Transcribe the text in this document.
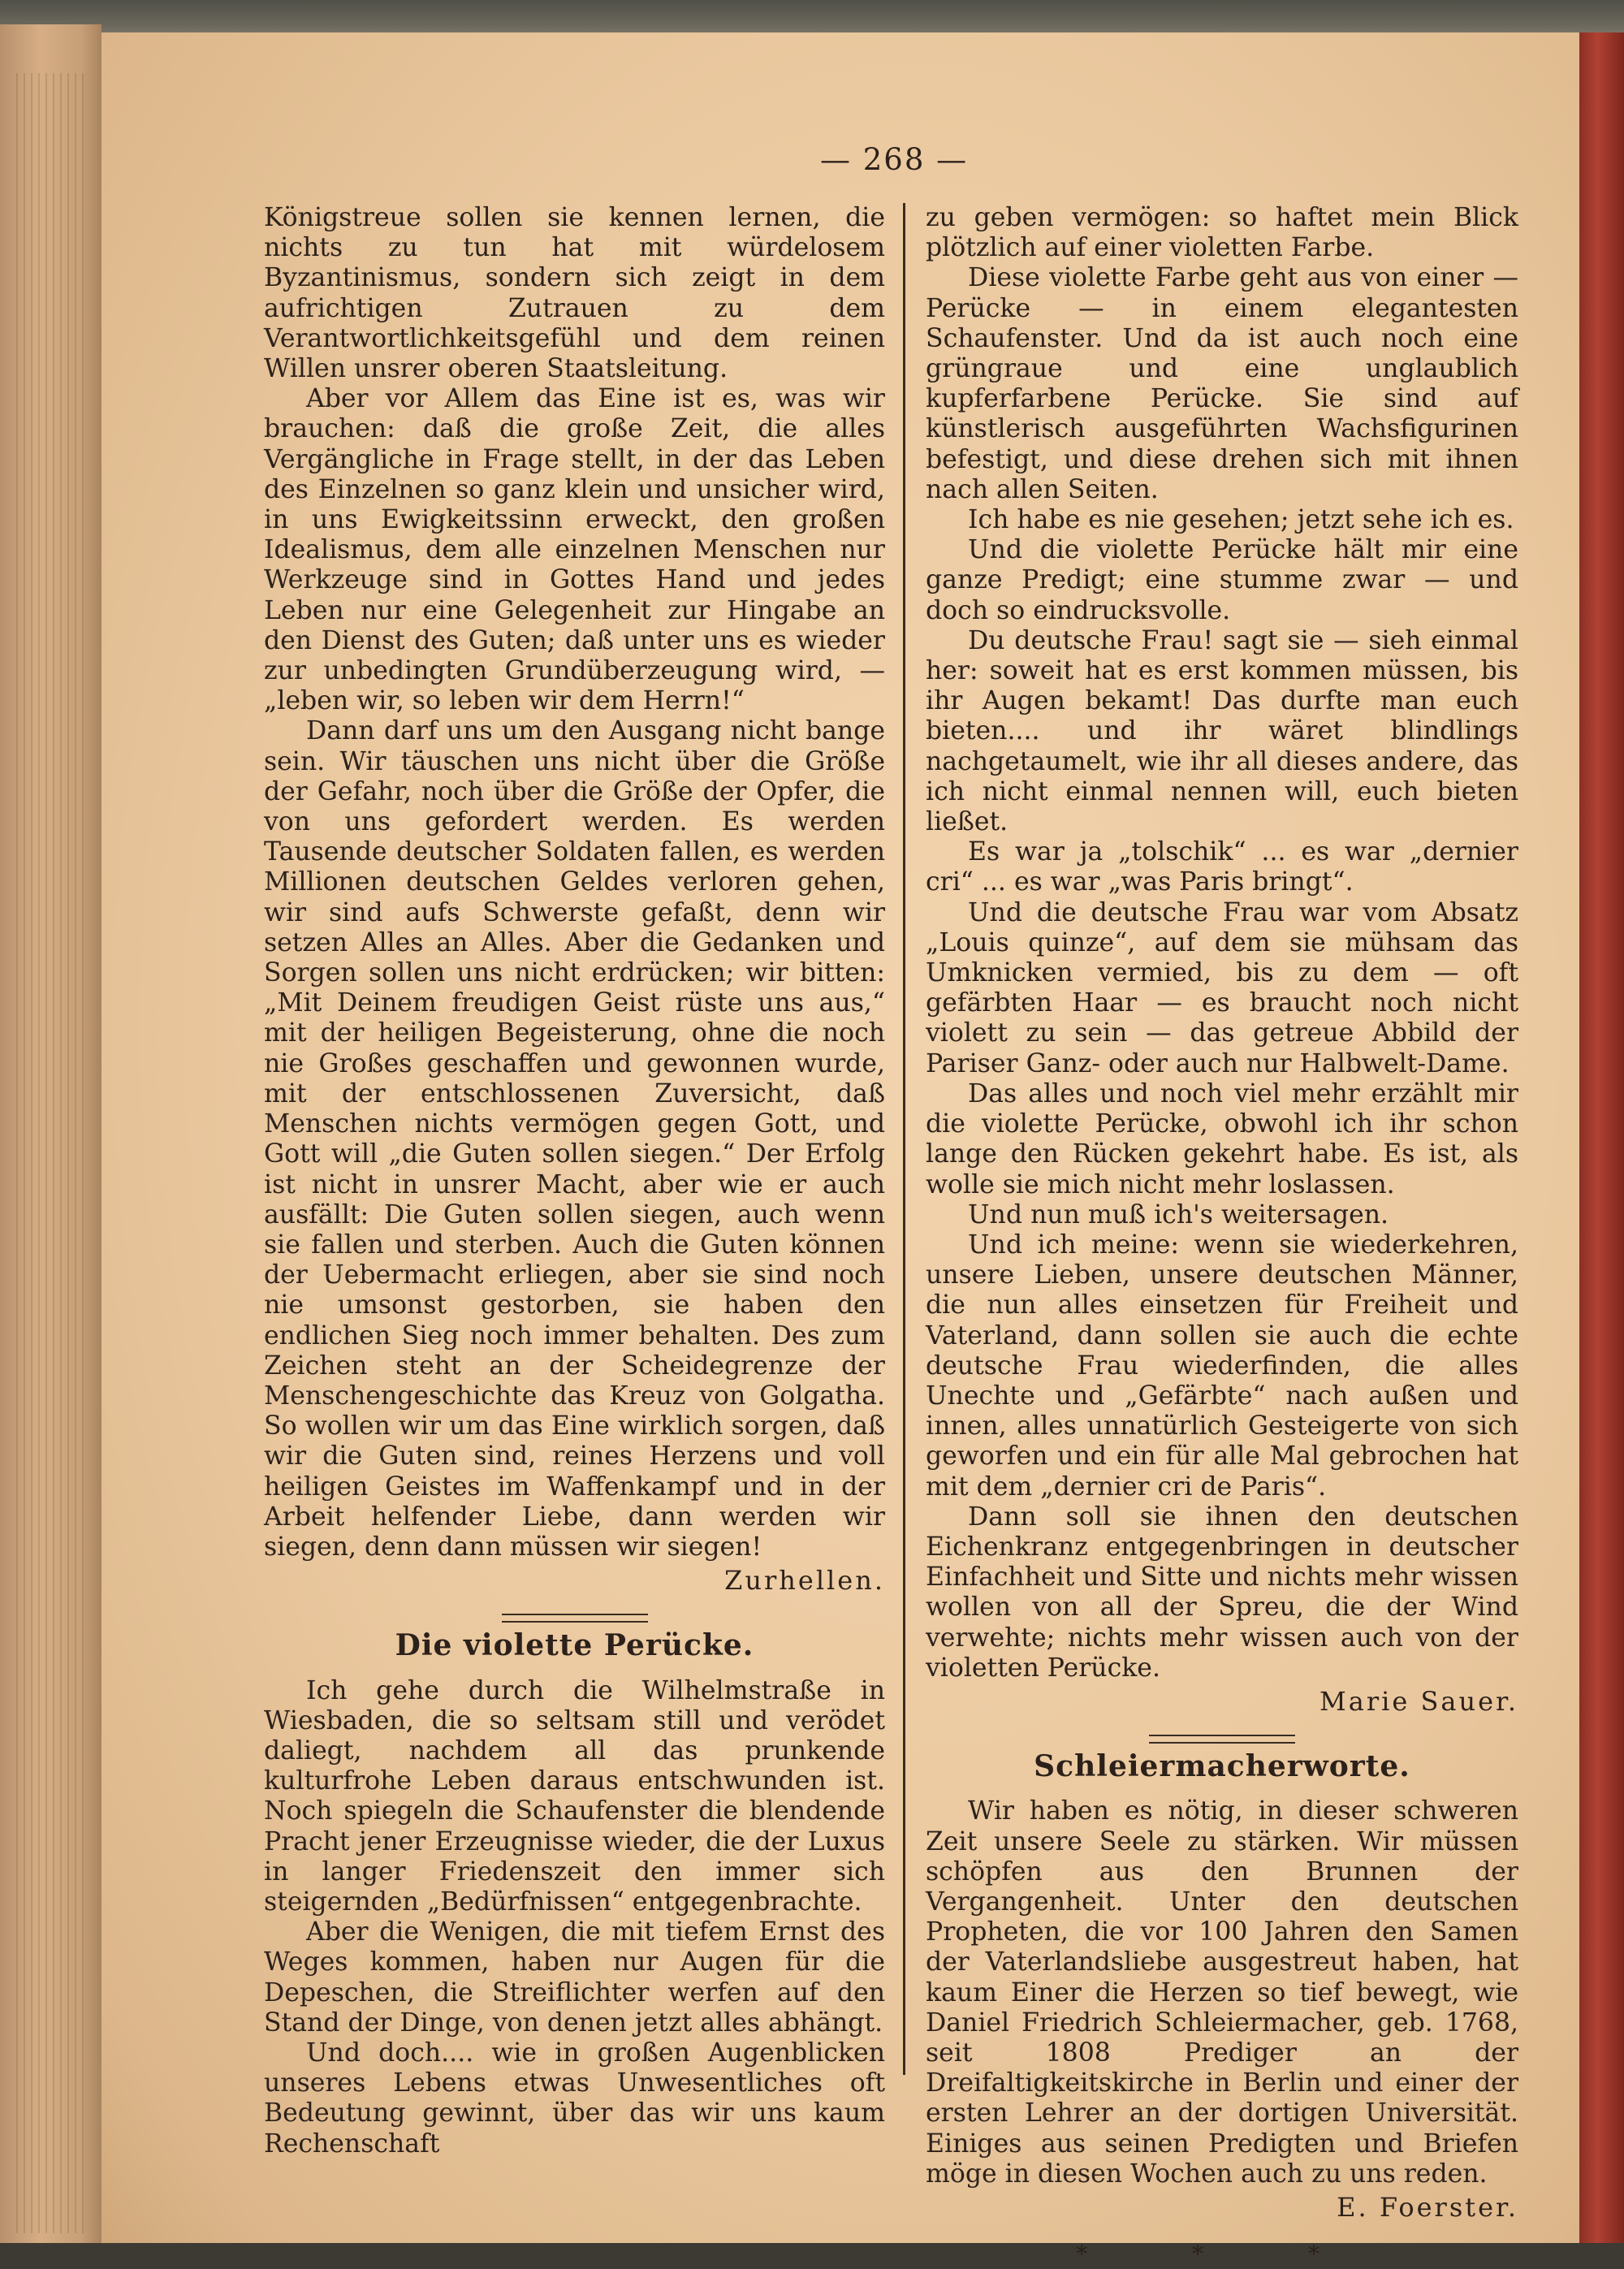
— 268 —

Königstreue sollen sie kennen lernen, die nichts zu tun hat mit würdelosem Byzantinismus, sondern sich zeigt in dem aufrichtigen Zutrauen zu dem Verantwortlichkeitsgefühl und dem reinen Willen unsrer oberen Staatsleitung.

Aber vor Allem das Eine ist es, was wir brauchen: daß die große Zeit, die alles Vergängliche in Frage stellt, in der das Leben des Einzelnen so ganz klein und unsicher wird, in uns Ewigkeitssinn erweckt, den großen Idealismus, dem alle einzelnen Menschen nur Werkzeuge sind in Gottes Hand und jedes Leben nur eine Gelegenheit zur Hingabe an den Dienst des Guten; daß unter uns es wieder zur unbedingten Grundüberzeugung wird, — „leben wir, so leben wir dem Herrn!“

Dann darf uns um den Ausgang nicht bange sein. Wir täuschen uns nicht über die Größe der Gefahr, noch über die Größe der Opfer, die von uns gefordert werden. Es werden Tausende deutscher Soldaten fallen, es werden Millionen deutschen Geldes verloren gehen, wir sind aufs Schwerste gefaßt, denn wir setzen Alles an Alles. Aber die Gedanken und Sorgen sollen uns nicht erdrücken; wir bitten: „Mit Deinem freudigen Geist rüste uns aus,“ mit der heiligen Begeisterung, ohne die noch nie Großes geschaffen und gewonnen wurde, mit der entschlossenen Zuversicht, daß Menschen nichts vermögen gegen Gott, und Gott will „die Guten sollen siegen.“ Der Erfolg ist nicht in unsrer Macht, aber wie er auch ausfällt: Die Guten sollen siegen, auch wenn sie fallen und sterben. Auch die Guten können der Uebermacht erliegen, aber sie sind noch nie umsonst gestorben, sie haben den endlichen Sieg noch immer behalten. Des zum Zeichen steht an der Scheidegrenze der Menschengeschichte das Kreuz von Golgatha. So wollen wir um das Eine wirklich sorgen, daß wir die Guten sind, reines Herzens und voll heiligen Geistes im Waffenkampf und in der Arbeit helfender Liebe, dann werden wir siegen, denn dann müssen wir siegen!

Zurhellen.
Die violette Perücke.

Ich gehe durch die Wilhelmstraße in Wiesbaden, die so seltsam still und verödet daliegt, nachdem all das prunkende kulturfrohe Leben daraus entschwunden ist. Noch spiegeln die Schaufenster die blendende Pracht jener Erzeugnisse wieder, die der Luxus in langer Friedenszeit den immer sich steigernden „Bedürfnissen“ entgegenbrachte.

Aber die Wenigen, die mit tiefem Ernst des Weges kommen, haben nur Augen für die Depeschen, die Streiflichter werfen auf den Stand der Dinge, von denen jetzt alles abhängt.

Und doch.... wie in großen Augenblicken unseres Lebens etwas Unwesentliches oft Bedeutung gewinnt, über das wir uns kaum Rechenschaft

zu geben vermögen: so haftet mein Blick plötzlich auf einer violetten Farbe.

Diese violette Farbe geht aus von einer — Perücke — in einem elegantesten Schaufenster. Und da ist auch noch eine grüngraue und eine unglaublich kupferfarbene Perücke. Sie sind auf künstlerisch ausgeführten Wachsfigurinen befestigt, und diese drehen sich mit ihnen nach allen Seiten.

Ich habe es nie gesehen; jetzt sehe ich es.

Und die violette Perücke hält mir eine ganze Predigt; eine stumme zwar — und doch so eindrucksvolle.

Du deutsche Frau! sagt sie — sieh einmal her: soweit hat es erst kommen müssen, bis ihr Augen bekamt! Das durfte man euch bieten.... und ihr wäret blindlings nachgetaumelt, wie ihr all dieses andere, das ich nicht einmal nennen will, euch bieten ließet.

Es war ja „tolschik“ ... es war „dernier cri“ ... es war „was Paris bringt“.

Und die deutsche Frau war vom Absatz „Louis quinze“, auf dem sie mühsam das Umknicken vermied, bis zu dem — oft gefärbten Haar — es braucht noch nicht violett zu sein — das getreue Abbild der Pariser Ganz- oder auch nur Halbwelt-Dame.

Das alles und noch viel mehr erzählt mir die violette Perücke, obwohl ich ihr schon lange den Rücken gekehrt habe. Es ist, als wolle sie mich nicht mehr loslassen.

Und nun muß ich's weitersagen.

Und ich meine: wenn sie wiederkehren, unsere Lieben, unsere deutschen Männer, die nun alles einsetzen für Freiheit und Vaterland, dann sollen sie auch die echte deutsche Frau wiederfinden, die alles Unechte und „Gefärbte“ nach außen und innen, alles unnatürlich Gesteigerte von sich geworfen und ein für alle Mal gebrochen hat mit dem „dernier cri de Paris“.

Dann soll sie ihnen den deutschen Eichenkranz entgegenbringen in deutscher Einfachheit und Sitte und nichts mehr wissen wollen von all der Spreu, die der Wind verwehte; nichts mehr wissen auch von der violetten Perücke.

Marie Sauer.
Schleiermacherworte.

Wir haben es nötig, in dieser schweren Zeit unsere Seele zu stärken. Wir müssen schöpfen aus den Brunnen der Vergangenheit. Unter den deutschen Propheten, die vor 100 Jahren den Samen der Vaterlandsliebe ausgestreut haben, hat kaum Einer die Herzen so tief bewegt, wie Daniel Friedrich Schleiermacher, geb. 1768, seit 1808 Prediger an der Dreifaltigkeitskirche in Berlin und einer der ersten Lehrer an der dortigen Universität. Einiges aus seinen Predigten und Briefen möge in diesen Wochen auch zu uns reden.

E. Foerster.
* * *
